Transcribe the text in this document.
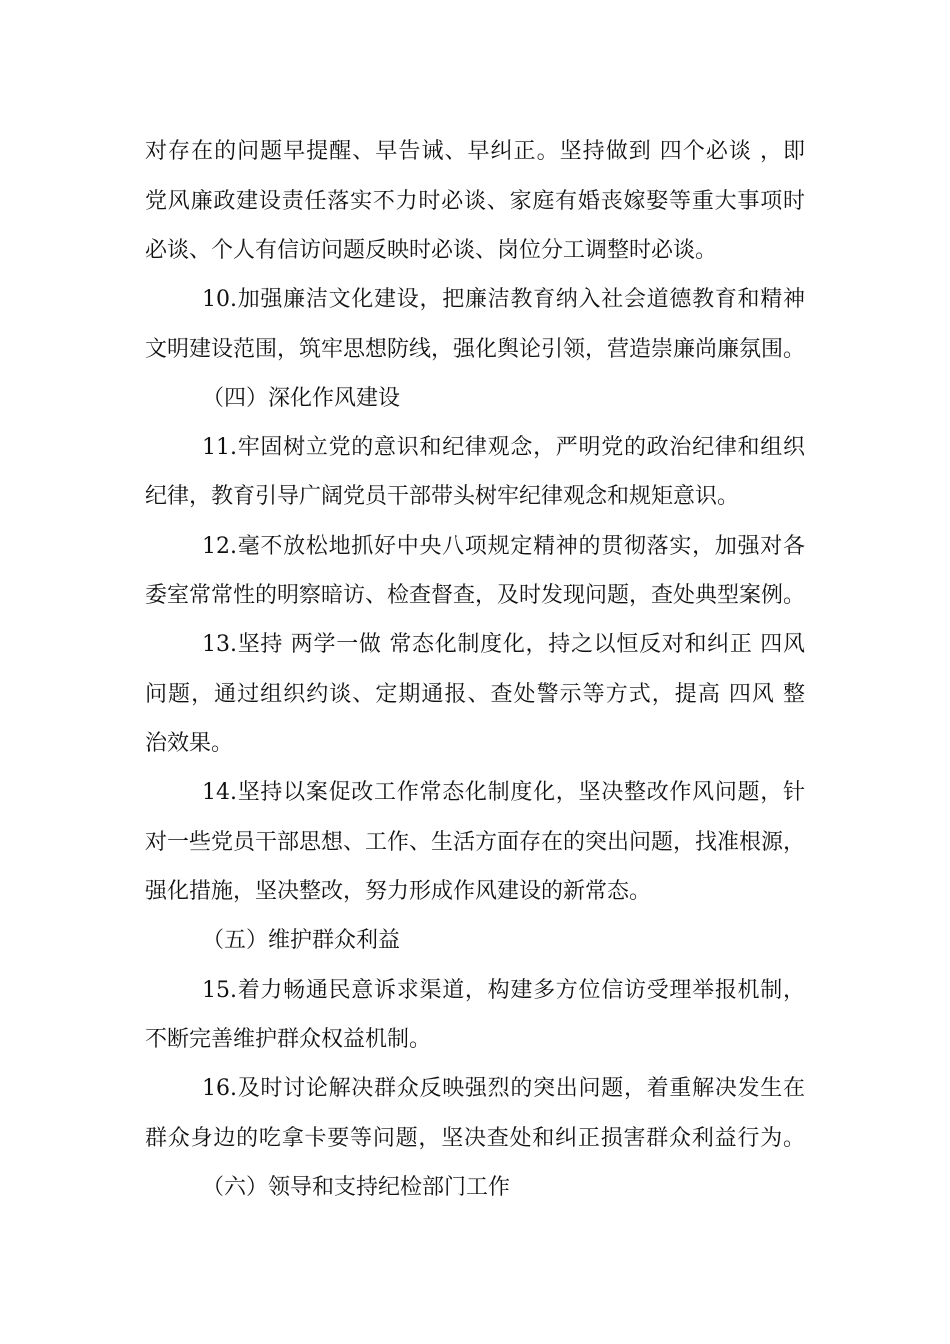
对存在的问题早提醒、早告诫、早纠正。坚持做到 四个必谈 ，即
党风廉政建设责任落实不力时必谈、家庭有婚丧嫁娶等重大事项时
必谈、个人有信访问题反映时必谈、岗位分工调整时必谈。
10.加强廉洁文化建设，把廉洁教育纳入社会道德教育和精神
文明建设范围，筑牢思想防线，强化舆论引领，营造崇廉尚廉氛围。
（四）深化作风建设
11.牢固树立党的意识和纪律观念，严明党的政治纪律和组织
纪律，教育引导广阔党员干部带头树牢纪律观念和规矩意识。
12.毫不放松地抓好中央八项规定精神的贯彻落实，加强对各
委室常常性的明察暗访、检查督查，及时发现问题，查处典型案例。
13.坚持 两学一做 常态化制度化，持之以恒反对和纠正 四风
问题，通过组织约谈、定期通报、查处警示等方式，提高 四风 整
治效果。
14.坚持以案促改工作常态化制度化，坚决整改作风问题，针
对一些党员干部思想、工作、生活方面存在的突出问题，找准根源，
强化措施，坚决整改，努力形成作风建设的新常态。
（五）维护群众利益
15.着力畅通民意诉求渠道，构建多方位信访受理举报机制，
不断完善维护群众权益机制。
16.及时讨论解决群众反映强烈的突出问题，着重解决发生在
群众身边的吃拿卡要等问题，坚决查处和纠正损害群众利益行为。
（六）领导和支持纪检部门工作
